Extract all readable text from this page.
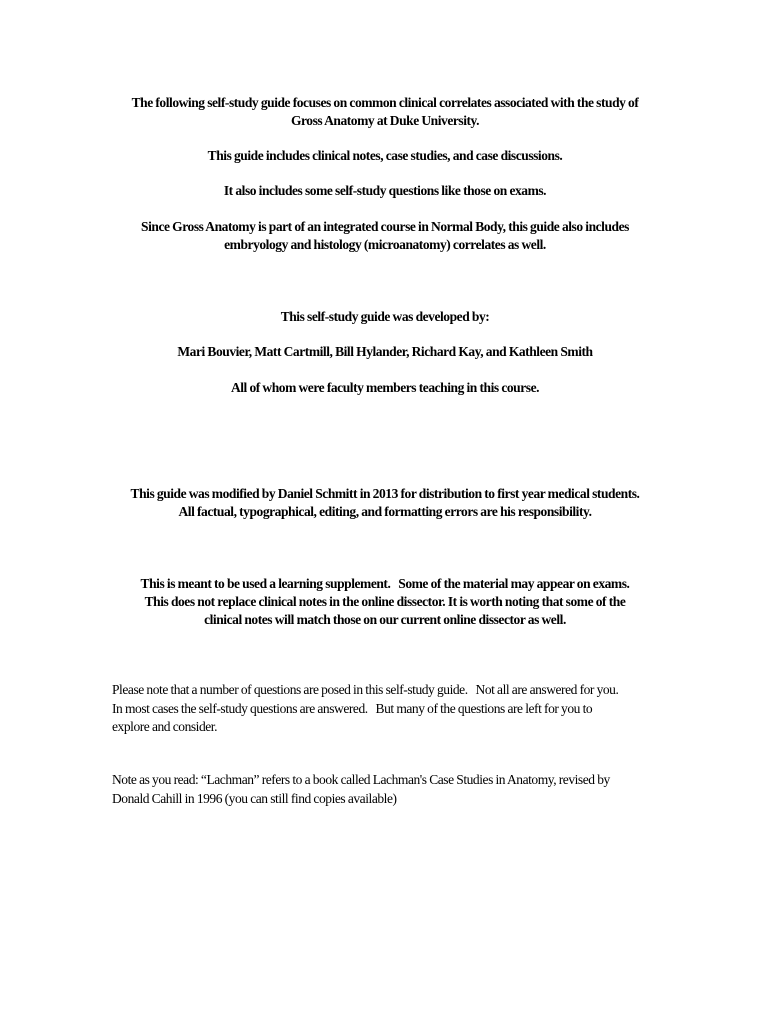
The following self-study guide focuses on common clinical correlates associated with the study of
Gross Anatomy at Duke University.
This guide includes clinical notes, case studies, and case discussions.
It also includes some self-study questions like those on exams.
Since Gross Anatomy is part of an integrated course in Normal Body, this guide also includes
embryology and histology (microanatomy) correlates as well.
This self-study guide was developed by:
Mari Bouvier, Matt Cartmill, Bill Hylander, Richard Kay, and Kathleen Smith
All of whom were faculty members teaching in this course.
This guide was modified by Daniel Schmitt in 2013 for distribution to first year medical students.
All factual, typographical, editing, and formatting errors are his responsibility.
This is meant to be used a learning supplement.   Some of the material may appear on exams.
This does not replace clinical notes in the online dissector. It is worth noting that some of the
clinical notes will match those on our current online dissector as well.
Please note that a number of questions are posed in this self-study guide.   Not all are answered for you.
In most cases the self-study questions are answered.   But many of the questions are left for you to
explore and consider.
Note as you read: “Lachman” refers to a book called Lachman's Case Studies in Anatomy, revised by
Donald Cahill in 1996 (you can still find copies available)
